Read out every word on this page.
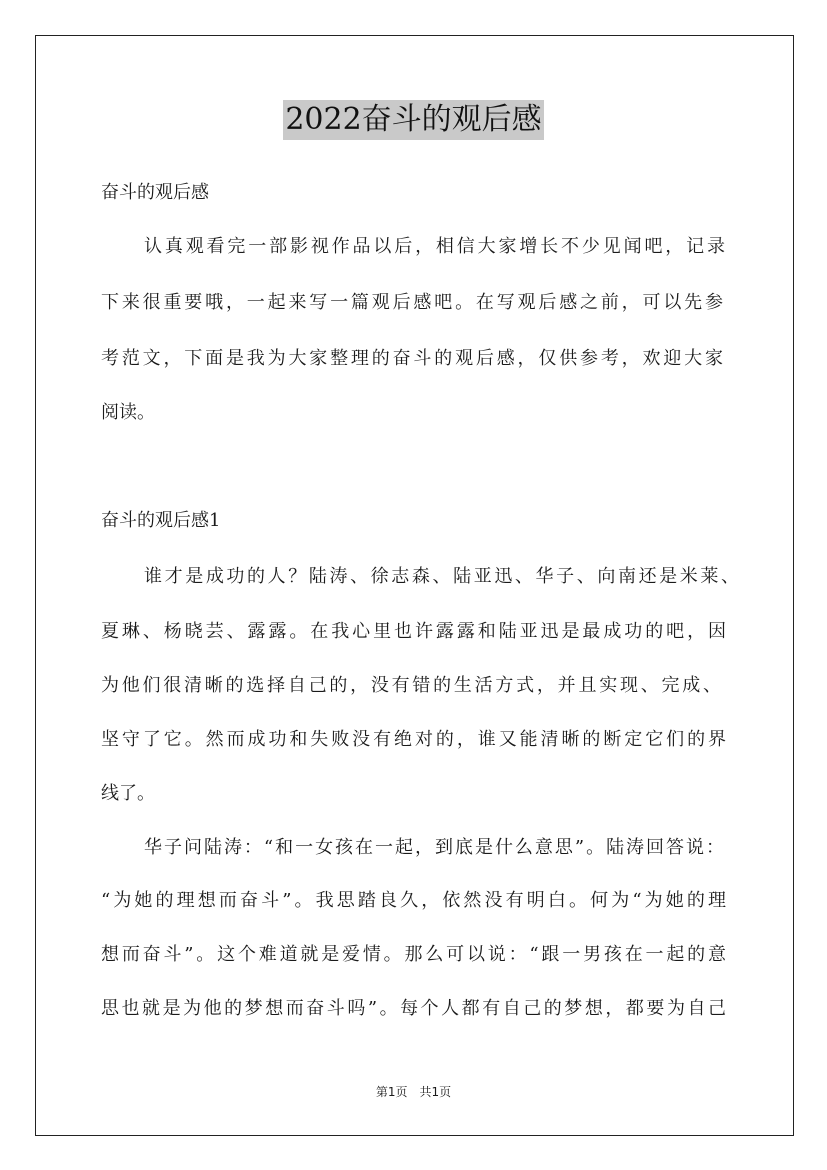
2022奋斗的观后感
奋斗的观后感
认真观看完一部影视作品以后，相信大家增长不少见闻吧，记录
下来很重要哦，一起来写一篇观后感吧。在写观后感之前，可以先参
考范文，下面是我为大家整理的奋斗的观后感，仅供参考，欢迎大家
阅读。
奋斗的观后感1
谁才是成功的人？陆涛、徐志森、陆亚迅、华子、向南还是米莱、
夏琳、杨晓芸、露露。在我心里也许露露和陆亚迅是最成功的吧，因
为他们很清晰的选择自己的，没有错的生活方式，并且实现、完成、
坚守了它。然而成功和失败没有绝对的，谁又能清晰的断定它们的界
线了。
华子问陆涛：“和一女孩在一起，到底是什么意思”。陆涛回答说：
“为她的理想而奋斗”。我思踏良久，依然没有明白。何为“为她的理
想而奋斗”。这个难道就是爱情。那么可以说：“跟一男孩在一起的意
思也就是为他的梦想而奋斗吗”。每个人都有自己的梦想，都要为自己
第1页　共1页
